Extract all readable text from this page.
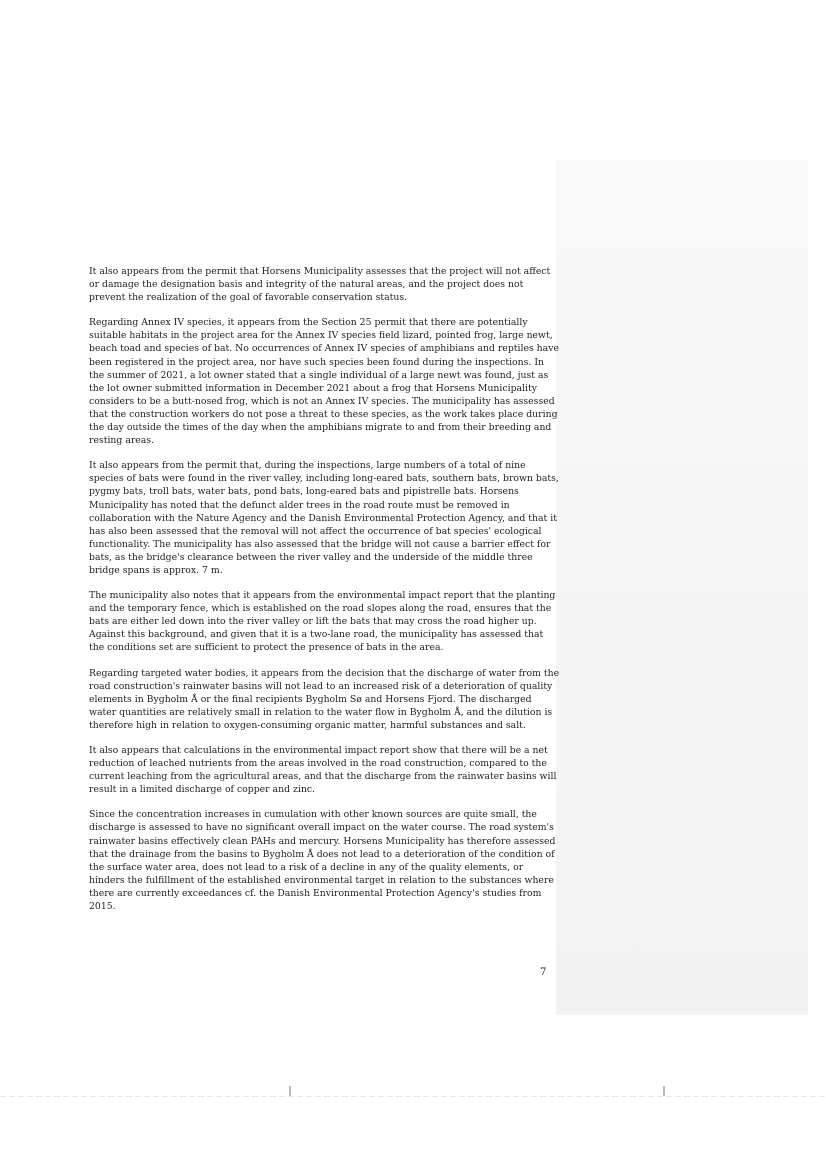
It also appears from the permit that Horsens Municipality assesses that the project will not affect or damage the designation basis and integrity of the natural areas, and the project does not prevent the realization of the goal of favorable conservation status.

Regarding Annex IV species, it appears from the Section 25 permit that there are potentially suitable habitats in the project area for the Annex IV species field lizard, pointed frog, large newt, beach toad and species of bat. No occurrences of Annex IV species of amphibians and reptiles have been registered in the project area, nor have such species been found during the inspections. In the summer of 2021, a lot owner stated that a single individual of a large newt was found, just as the lot owner submitted information in December 2021 about a frog that Horsens Municipality considers to be a butt-nosed frog, which is not an Annex IV species. The municipality has assessed that the construction workers do not pose a threat to these species, as the work takes place during the day outside the times of the day when the amphibians migrate to and from their breeding and resting areas.

It also appears from the permit that, during the inspections, large numbers of a total of nine species of bats were found in the river valley, including long-eared bats, southern bats, brown bats, pygmy bats, troll bats, water bats, pond bats, long-eared bats and pipistrelle bats. Horsens Municipality has noted that the defunct alder trees in the road route must be removed in collaboration with the Nature Agency and the Danish Environmental Protection Agency, and that it has also been assessed that the removal will not affect the occurrence of bat species' ecological functionality. The municipality has also assessed that the bridge will not cause a barrier effect for bats, as the bridge's clearance between the river valley and the underside of the middle three bridge spans is approx. 7 m.

The municipality also notes that it appears from the environmental impact report that the planting and the temporary fence, which is established on the road slopes along the road, ensures that the bats are either led down into the river valley or lift the bats that may cross the road higher up. Against this background, and given that it is a two-lane road, the municipality has assessed that the conditions set are sufficient to protect the presence of bats in the area.

Regarding targeted water bodies, it appears from the decision that the discharge of water from the road construction's rainwater basins will not lead to an increased risk of a deterioration of quality elements in Bygholm Å or the final recipients Bygholm Sø and Horsens Fjord. The discharged water quantities are relatively small in relation to the water flow in Bygholm Å, and the dilution is therefore high in relation to oxygen-consuming organic matter, harmful substances and salt.

It also appears that calculations in the environmental impact report show that there will be a net reduction of leached nutrients from the areas involved in the road construction, compared to the current leaching from the agricultural areas, and that the discharge from the rainwater basins will result in a limited discharge of copper and zinc.

Since the concentration increases in cumulation with other known sources are quite small, the discharge is assessed to have no significant overall impact on the water course. The road system's rainwater basins effectively clean PAHs and mercury. Horsens Municipality has therefore assessed that the drainage from the basins to Bygholm Å does not lead to a deterioration of the condition of the surface water area, does not lead to a risk of a decline in any of the quality elements, or hinders the fulfillment of the established environmental target in relation to the substances where there are currently exceedances cf. the Danish Environmental Protection Agency's studies from 2015.

7
